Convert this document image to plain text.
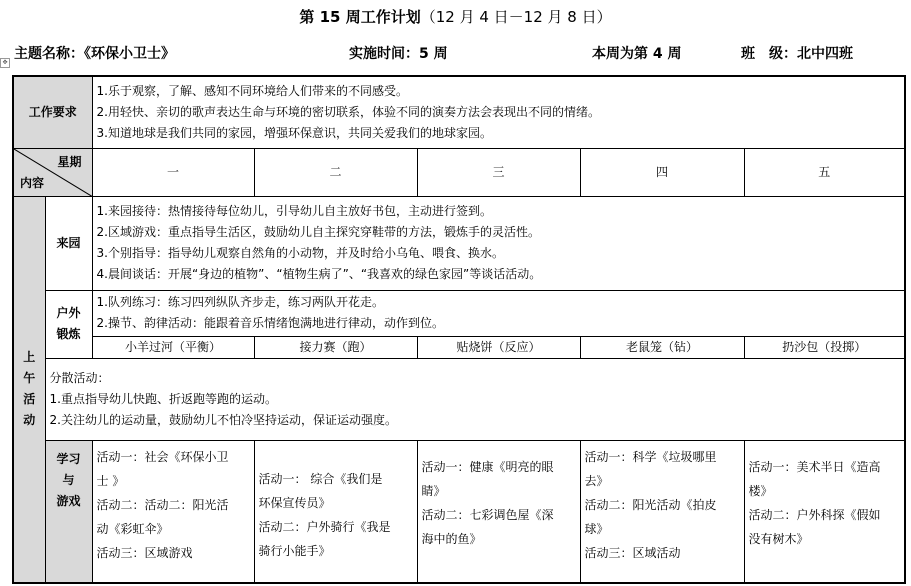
第 15 周工作计划（12 月 4 日－12 月 8 日）
主题名称：《环保小卫士》	实施时间：5 周	本周为第 4 周	班　级：北中四班
✥
工作要求		1.乐于观察，了解、感知不同环境给人们带来的不同感受。
2.用轻快、亲切的歌声表达生命与环境的密切联系，体验不同的演奏方法会表现出不同的情绪。
3.知道地球是我们共同的家园，增强环保意识，共同关爱我们的地球家园。				

星期
内容		一	二	三	四	五

上
午
活
动	来园	1.来园接待：热情接待每位幼儿，引导幼儿自主放好书包，主动进行签到。
2.区域游戏：重点指导生活区，鼓励幼儿自主探究穿鞋带的方法，锻炼手的灵活性。
3.个别指导：指导幼儿观察自然角的小动物，并及时给小乌龟、喂食、换水。
4.晨间谈话：开展“身边的植物”、“植物生病了”、“我喜欢的绿色家园”等谈话活动。				

	户外锻炼	1.队列练习：练习四列纵队齐步走，练习两队开花走。
2.操节、韵律活动：能跟着音乐情绪饱满地进行律动，动作到位。				

		小羊过河（平衡）	接力赛（跑）	贴烧饼（反应）	老鼠笼（钻）	扔沙包（投掷）

	分散活动：
1.重点指导幼儿快跑、折返跑等跑的运动。
2.关注幼儿的运动量，鼓励幼儿不怕冷坚持运动，保证运动强度。					

	学习
与
游戏	活动一：社会《环保小卫
士 》
活动二：活动二：阳光活
动《彩虹伞》
活动三：区域游戏	活动一： 综合《我们是
环保宣传员》
活动二：户外骑行《我是
骑行小能手》	活动一：健康《明亮的眼
睛》
活动二：七彩调色屋《深
海中的鱼》	活动一：科学《垃圾哪里
去》
活动二：阳光活动《拍皮
球》
活动三：区域活动	活动一：美术半日《造高
楼》
活动二：户外科探《假如
没有树木》
